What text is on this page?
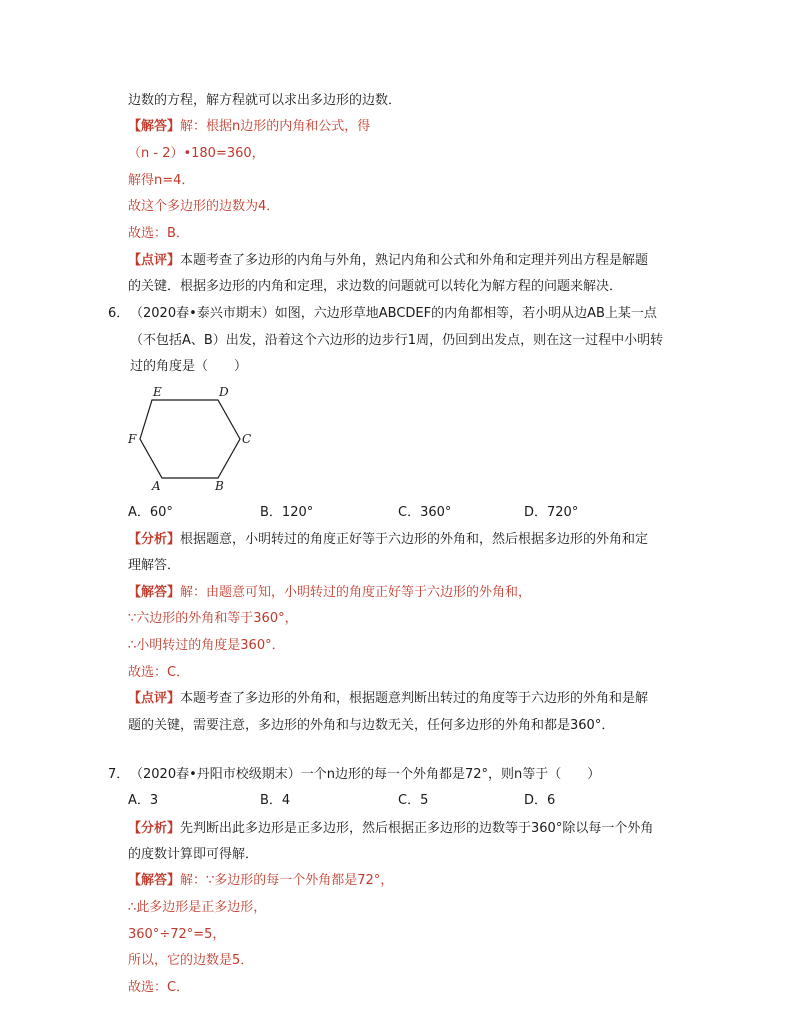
边数的方程，解方程就可以求出多边形的边数．
【解答】解：根据n边形的内角和公式，得
（n - 2）•180=360，
解得n=4．
故这个多边形的边数为4．
故选：B．
【点评】本题考查了多边形的内角与外角，熟记内角和公式和外角和定理并列出方程是解题
的关键．根据多边形的内角和定理，求边数的问题就可以转化为解方程的问题来解决．
6． （2020春•泰兴市期末）如图，六边形草地ABCDEF的内角都相等，若小明从边AB上某一点
（不包括A、B）出发，沿着这个六边形的边步行1周，仍回到出发点，则在这一过程中小明转
过的角度是（　　）
E	D
F	C
A	B
A．60°	B．120°	C．360°	D．720°
【分析】根据题意，小明转过的角度正好等于六边形的外角和，然后根据多边形的外角和定
理解答．
【解答】解：由题意可知，小明转过的角度正好等于六边形的外角和，
∵六边形的外角和等于360°，
∴小明转过的角度是360°．
故选：C．
【点评】本题考查了多边形的外角和，根据题意判断出转过的角度等于六边形的外角和是解
题的关键，需要注意，多边形的外角和与边数无关，任何多边形的外角和都是360°．
7． （2020春•丹阳市校级期末）一个n边形的每一个外角都是72°，则n等于（　　）
A．3	B．4	C．5	D．6
【分析】先判断出此多边形是正多边形，然后根据正多边形的边数等于360°除以每一个外角
的度数计算即可得解．
【解答】解：∵多边形的每一个外角都是72°，
∴此多边形是正多边形，
360°÷72°=5，
所以，它的边数是5．
故选：C．
